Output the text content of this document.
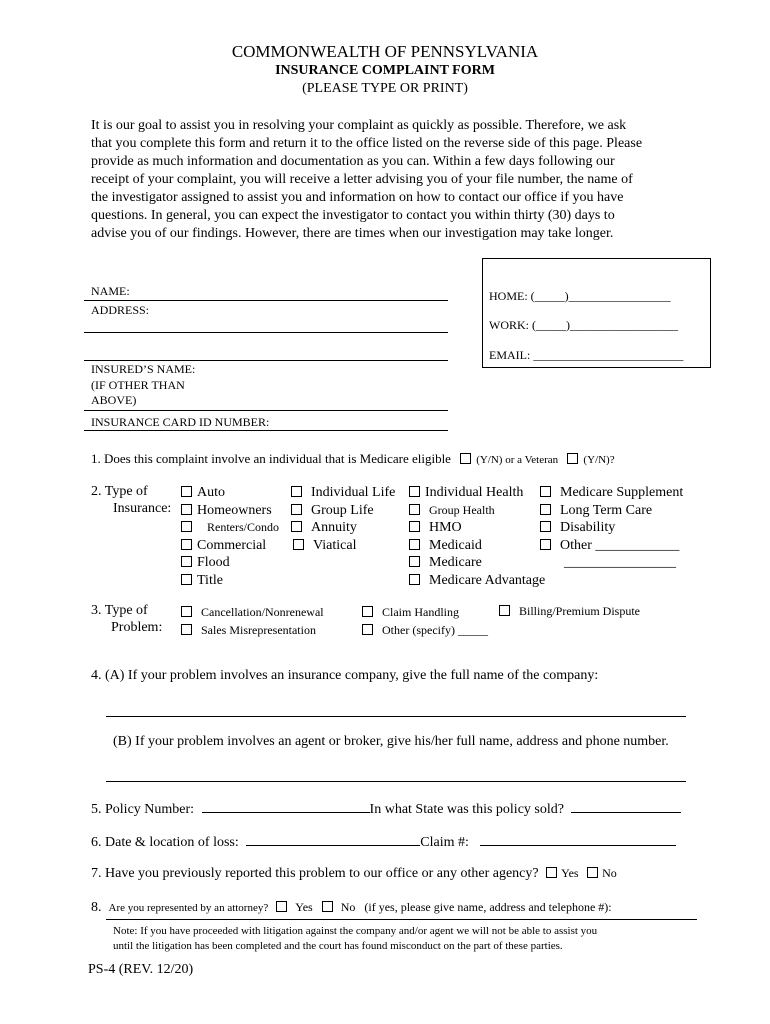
COMMONWEALTH OF PENNSYLVANIA
INSURANCE COMPLAINT FORM
(PLEASE TYPE OR PRINT)
It is our goal to assist you in resolving your complaint as quickly as possible. Therefore, we ask
that you complete this form and return it to the office listed on the reverse side of this page. Please
provide as much information and documentation as you can. Within a few days following our
receipt of your complaint, you will receive a letter advising you of your file number, the name of
the investigator assigned to assist you and information on how to contact our office if you have
questions. In general, you can expect the investigator to contact you within thirty (30) days to
advise you of our findings. However, there are times when our investigation may take longer.
NAME:
ADDRESS:
INSURED’S NAME:
(IF OTHER THAN
ABOVE)
INSURANCE CARD ID NUMBER:
HOME: (_____)_________________
WORK: (_____)__________________
EMAIL: _________________________
1. Does this complaint involve an individual that is Medicare eligible (Y/N) or a Veteran (Y/N)?
2. Type of
Insurance:
Auto
Homeowners
Renters/Condo
Commercial
Flood
Title
Individual Life
Group Life
Annuity
Viatical
Individual Health
Group Health
HMO
Medicaid
Medicare
Medicare Advantage
Medicare Supplement
Long Term Care
Disability
Other ____________
________________
3. Type of
Problem:
Cancellation/Nonrenewal
Sales Misrepresentation
Claim Handling
Other (specify) _____
Billing/Premium Dispute
4. (A) If your problem involves an insurance company, give the full name of the company:
(B) If your problem involves an agent or broker, give his/her full name, address and phone number.
5. Policy Number:	In what State was this policy sold?
6. Date & location of loss:	Claim #:
7. Have you previously reported this problem to our office or any other agency? Yes No
8. Are you represented by an attorney? Yes No (if yes, please give name, address and telephone #):
Note: If you have proceeded with litigation against the company and/or agent we will not be able to assist you
until the litigation has been completed and the court has found misconduct on the part of these parties.
PS-4 (REV. 12/20)
